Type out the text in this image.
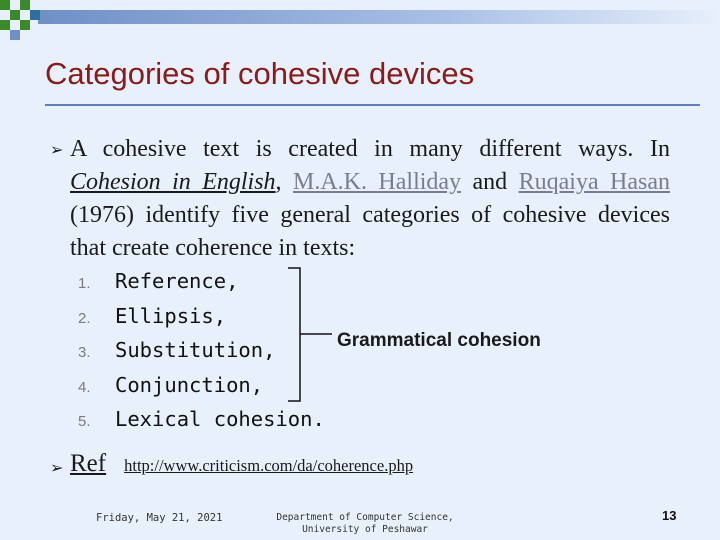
Categories of cohesive devices
➢ A cohesive text is created in many different ways. In Cohesion in English, M.A.K. Halliday and Ruqaiya Hasan (1976) identify five general categories of cohesive devices that create coherence in texts:
1.	Reference,
2.	Ellipsis,
3.	Substitution,
4.	Conjunction,
5.	Lexical cohesion.
Grammatical cohesion
➢ Ref http://www.criticism.com/da/coherence.php
Friday, May 21, 2021	Department of Computer Science,
University of Peshawar
13
